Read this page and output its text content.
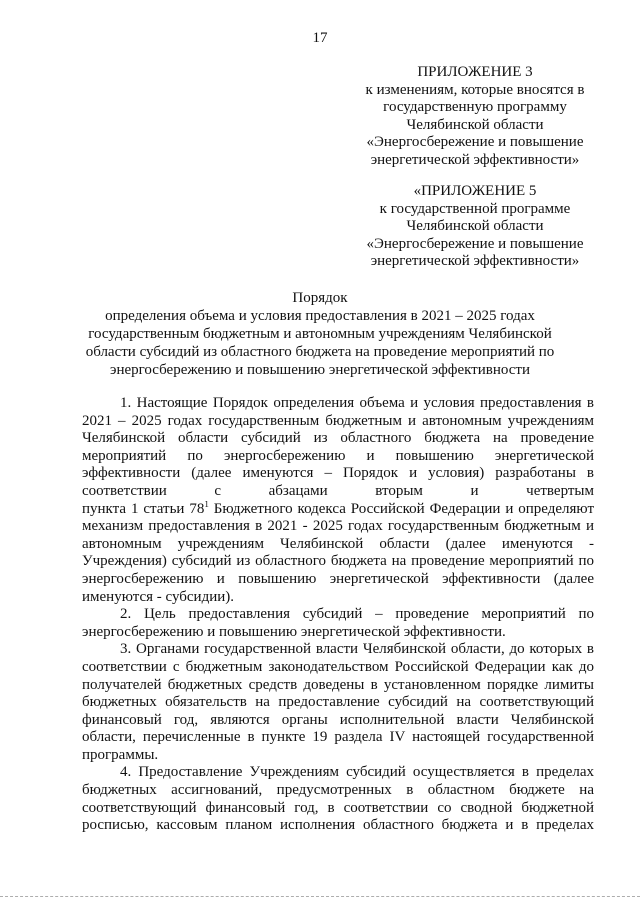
17
ПРИЛОЖЕНИЕ 3
к изменениям, которые вносятся в
государственную программу
Челябинской области
«Энергосбережение и повышение
энергетической эффективности»
«ПРИЛОЖЕНИЕ 5
к государственной программе
Челябинской области
«Энергосбережение и повышение
энергетической эффективности»
Порядок
определения объема и условия предоставления в 2021 – 2025 годах
государственным бюджетным и автономным учреждениям Челябинской
области субсидий из областного бюджета на проведение мероприятий по
энергосбережению и повышению энергетической эффективности
1. Настоящие Порядок определения объема и условия предоставления в
2021 – 2025 годах государственным бюджетным и автономным учреждениям
Челябинской области субсидий из областного бюджета на проведение
мероприятий по энергосбережению и повышению энергетической
эффективности (далее именуются – Порядок и условия) разработаны в
соответствии с абзацами вторым и четвертым
пункта 1 статьи $78^1$ Бюджетного кодекса Российской Федерации и определяют
механизм предоставления в 2021 - 2025 годах государственным бюджетным и
автономным учреждениям Челябинской области (далее именуются -
Учреждения) субсидий из областного бюджета на проведение мероприятий по
энергосбережению и повышению энергетической эффективности (далее
именуются - субсидии).
2. Цель предоставления субсидий – проведение мероприятий по
энергосбережению и повышению энергетической эффективности.
3. Органами государственной власти Челябинской области, до которых в
соответствии с бюджетным законодательством Российской Федерации как до
получателей бюджетных средств доведены в установленном порядке лимиты
бюджетных обязательств на предоставление субсидий на соответствующий
финансовый год, являются органы исполнительной власти Челябинской
области, перечисленные в пункте 19 раздела IV настоящей государственной
программы.
4. Предоставление Учреждениям субсидий осуществляется в пределах
бюджетных ассигнований, предусмотренных в областном бюджете на
соответствующий финансовый год, в соответствии со сводной бюджетной
росписью, кассовым планом исполнения областного бюджета и в пределах
